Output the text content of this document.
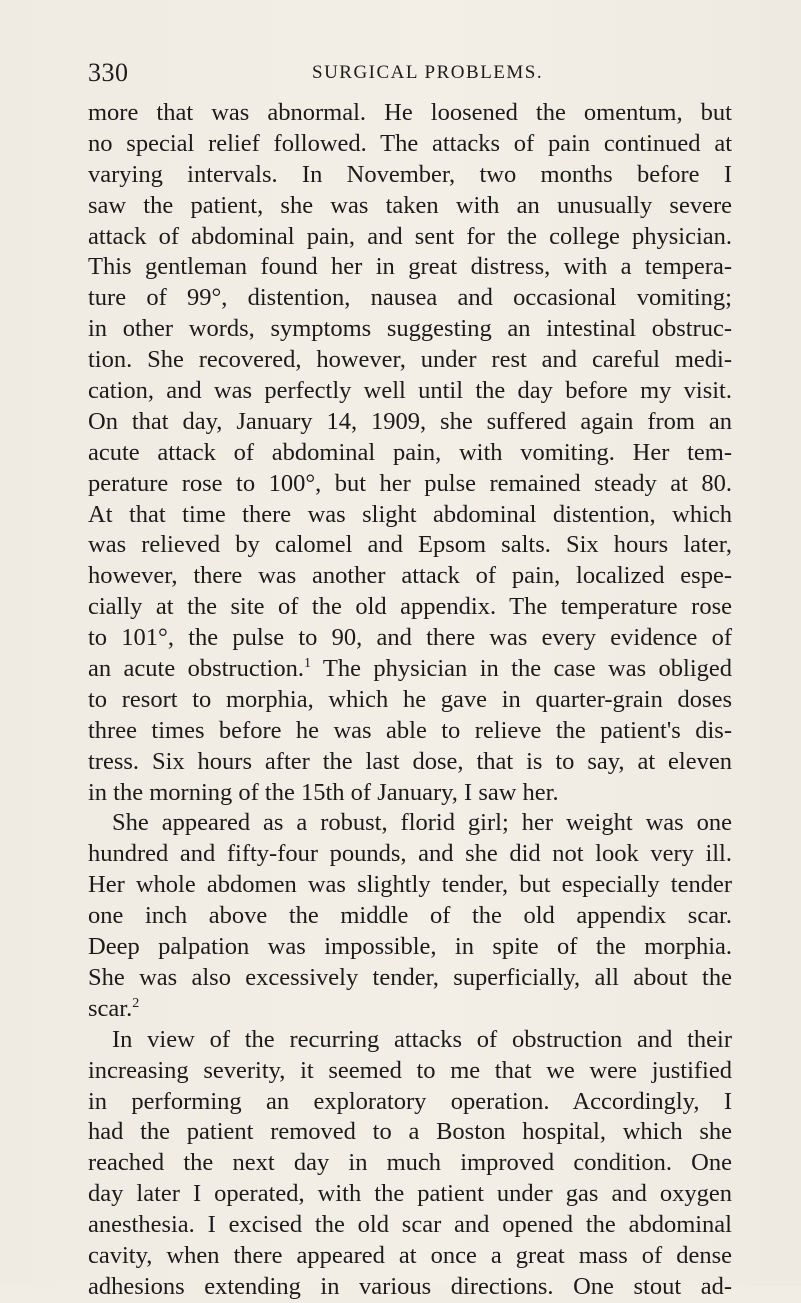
330	SURGICAL PROBLEMS.
more that was abnormal. He loosened the omentum, but
no special relief followed. The attacks of pain continued at
varying intervals. In November, two months before I
saw the patient, she was taken with an unusually severe
attack of abdominal pain, and sent for the college physician.
This gentleman found her in great distress, with a tempera-
ture of 99°, distention, nausea and occasional vomiting;
in other words, symptoms suggesting an intestinal obstruc-
tion. She recovered, however, under rest and careful medi-
cation, and was perfectly well until the day before my visit.
On that day, January 14, 1909, she suffered again from an
acute attack of abdominal pain, with vomiting. Her tem-
perature rose to 100°, but her pulse remained steady at 80.
At that time there was slight abdominal distention, which
was relieved by calomel and Epsom salts. Six hours later,
however, there was another attack of pain, localized espe-
cially at the site of the old appendix. The temperature rose
to 101°, the pulse to 90, and there was every evidence of
an acute obstruction.$^1$ The physician in the case was obliged
to resort to morphia, which he gave in quarter-grain doses
three times before he was able to relieve the patient's dis-
tress. Six hours after the last dose, that is to say, at eleven
in the morning of the 15th of January, I saw her.
She appeared as a robust, florid girl; her weight was one
hundred and fifty-four pounds, and she did not look very ill.
Her whole abdomen was slightly tender, but especially tender
one inch above the middle of the old appendix scar.
Deep palpation was impossible, in spite of the morphia.
She was also excessively tender, superficially, all about the
scar.$^2$
In view of the recurring attacks of obstruction and their
increasing severity, it seemed to me that we were justified
in performing an exploratory operation. Accordingly, I
had the patient removed to a Boston hospital, which she
reached the next day in much improved condition. One
day later I operated, with the patient under gas and oxygen
anesthesia. I excised the old scar and opened the abdominal
cavity, when there appeared at once a great mass of dense
adhesions extending in various directions. One stout ad-
